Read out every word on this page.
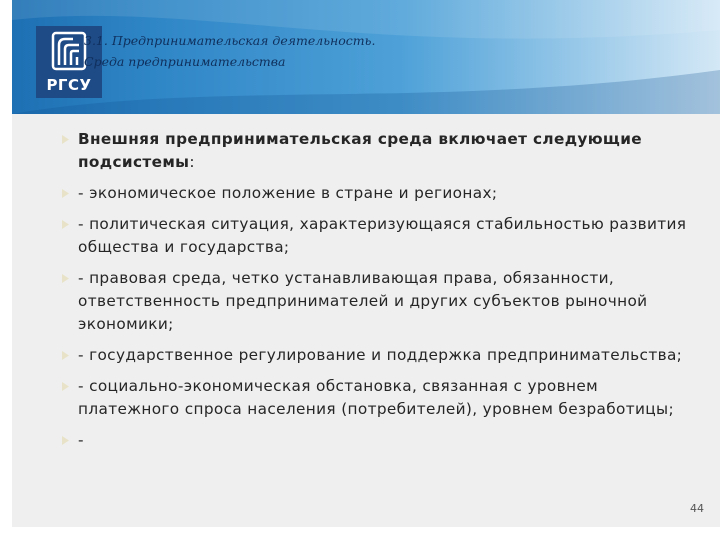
РГСУ
3.1. Предпринимательская деятельность.
Среда предпринимательства
Внешняя предпринимательская среда включает следующие подсистемы:
- экономическое положение в стране и регионах;
- политическая ситуация, характеризующаяся стабильностью развития общества и государства;
- правовая среда, четко устанавливающая права, обязанности, ответственность предпринимателей и других субъектов рыночной экономики;
- государственное регулирование и поддержка предпринимательства;
- социально-экономическая обстановка, связанная с уровнем платежного спроса населения (потребителей), уровнем безработицы;
-
44
